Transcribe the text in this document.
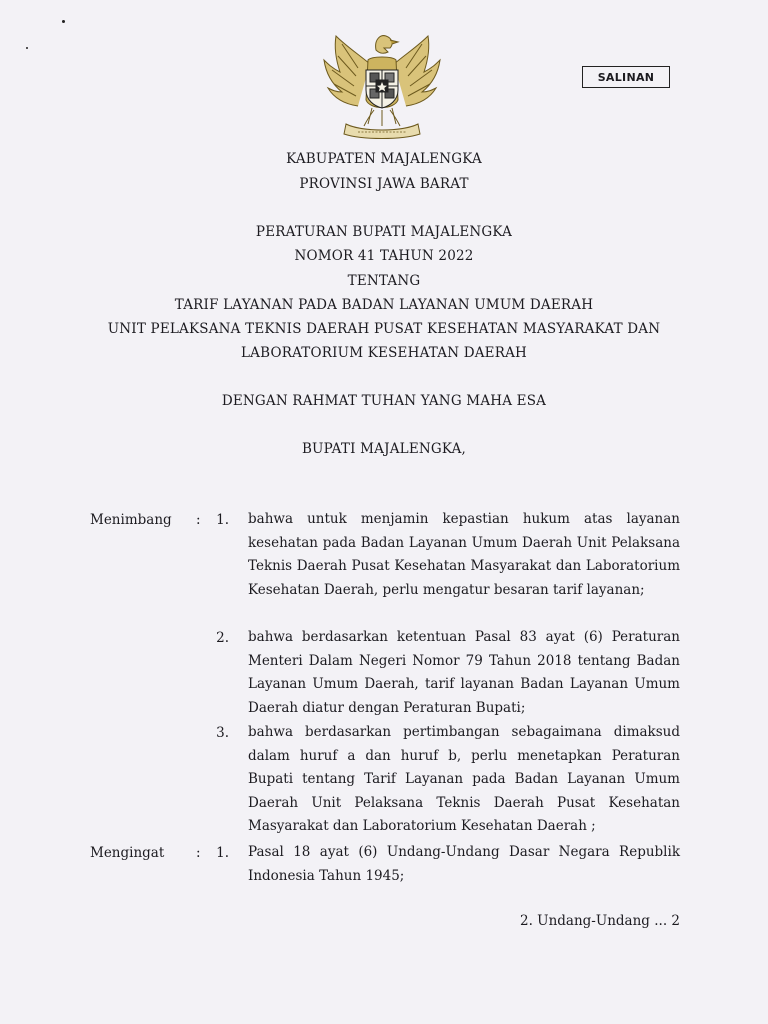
SALINAN
KABUPATEN MAJALENGKA
PROVINSI JAWA BARAT
PERATURAN BUPATI MAJALENGKA
NOMOR 41 TAHUN 2022
TENTANG
TARIF LAYANAN PADA BADAN LAYANAN UMUM DAERAH
UNIT PELAKSANA TEKNIS DAERAH PUSAT KESEHATAN MASYARAKAT DAN
LABORATORIUM KESEHATAN DAERAH
DENGAN RAHMAT TUHAN YANG MAHA ESA
BUPATI MAJALENGKA,
Menimbang :	1. bahwa untuk menjamin kepastian hukum atas layanan kesehatan pada Badan Layanan Umum Daerah Unit Pelaksana Teknis Daerah Pusat Kesehatan Masyarakat dan Laboratorium Kesehatan Daerah, perlu mengatur besaran tarif layanan;
2. bahwa berdasarkan ketentuan Pasal 83 ayat (6) Peraturan Menteri Dalam Negeri Nomor 79 Tahun 2018 tentang Badan Layanan Umum Daerah, tarif layanan Badan Layanan Umum Daerah diatur dengan Peraturan Bupati;
3. bahwa berdasarkan pertimbangan sebagaimana dimaksud dalam huruf a dan huruf b, perlu menetapkan Peraturan Bupati tentang Tarif Layanan pada Badan Layanan Umum Daerah Unit Pelaksana Teknis Daerah Pusat Kesehatan Masyarakat dan Laboratorium Kesehatan Daerah ;
Mengingat :	1. Pasal 18 ayat (6) Undang-Undang Dasar Negara Republik Indonesia Tahun 1945;
2. Undang-Undang ... 2
